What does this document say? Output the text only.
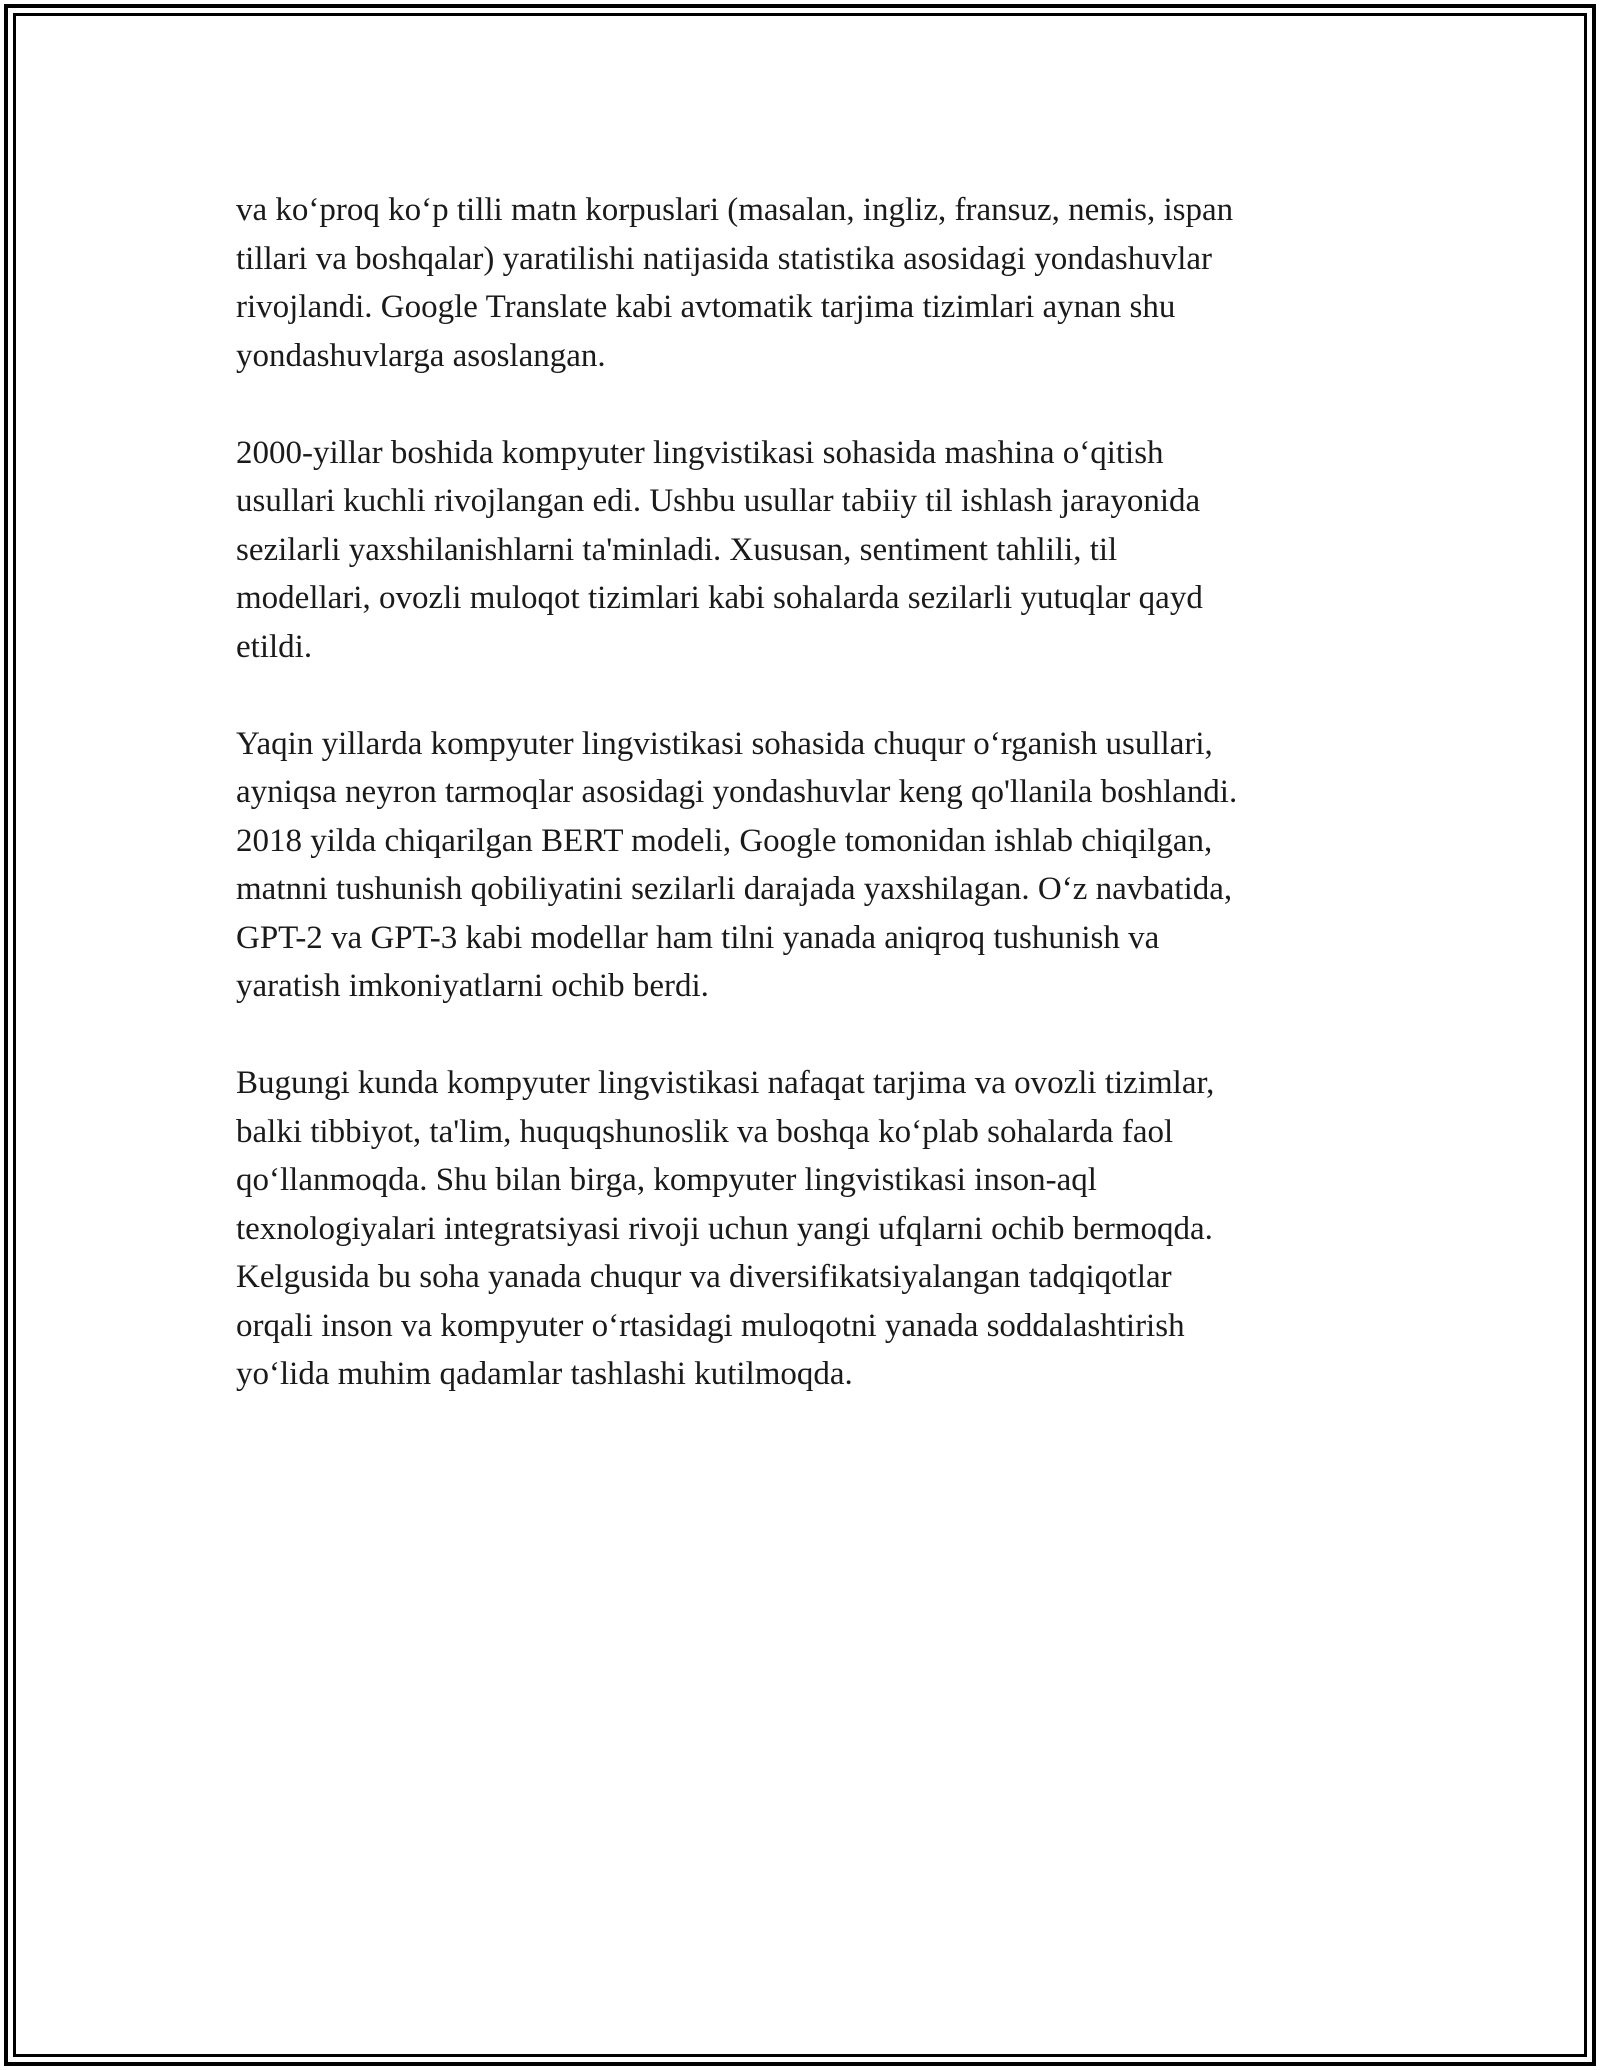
va ko‘proq ko‘p tilli matn korpuslari (masalan, ingliz, fransuz, nemis, ispan
tillari va boshqalar) yaratilishi natijasida statistika asosidagi yondashuvlar
rivojlandi. Google Translate kabi avtomatik tarjima tizimlari aynan shu
yondashuvlarga asoslangan.

2000-yillar boshida kompyuter lingvistikasi sohasida mashina o‘qitish
usullari kuchli rivojlangan edi. Ushbu usullar tabiiy til ishlash jarayonida
sezilarli yaxshilanishlarni ta'minladi. Xususan, sentiment tahlili, til
modellari, ovozli muloqot tizimlari kabi sohalarda sezilarli yutuqlar qayd
etildi.

Yaqin yillarda kompyuter lingvistikasi sohasida chuqur o‘rganish usullari,
ayniqsa neyron tarmoqlar asosidagi yondashuvlar keng qo'llanila boshlandi.
2018 yilda chiqarilgan BERT modeli, Google tomonidan ishlab chiqilgan,
matnni tushunish qobiliyatini sezilarli darajada yaxshilagan. O‘z navbatida,
GPT-2 va GPT-3 kabi modellar ham tilni yanada aniqroq tushunish va
yaratish imkoniyatlarni ochib berdi.

Bugungi kunda kompyuter lingvistikasi nafaqat tarjima va ovozli tizimlar,
balki tibbiyot, ta'lim, huquqshunoslik va boshqa ko‘plab sohalarda faol
qo‘llanmoqda. Shu bilan birga, kompyuter lingvistikasi inson-aql
texnologiyalari integratsiyasi rivoji uchun yangi ufqlarni ochib bermoqda.
Kelgusida bu soha yanada chuqur va diversifikatsiyalangan tadqiqotlar
orqali inson va kompyuter o‘rtasidagi muloqotni yanada soddalashtirish
yo‘lida muhim qadamlar tashlashi kutilmoqda.
